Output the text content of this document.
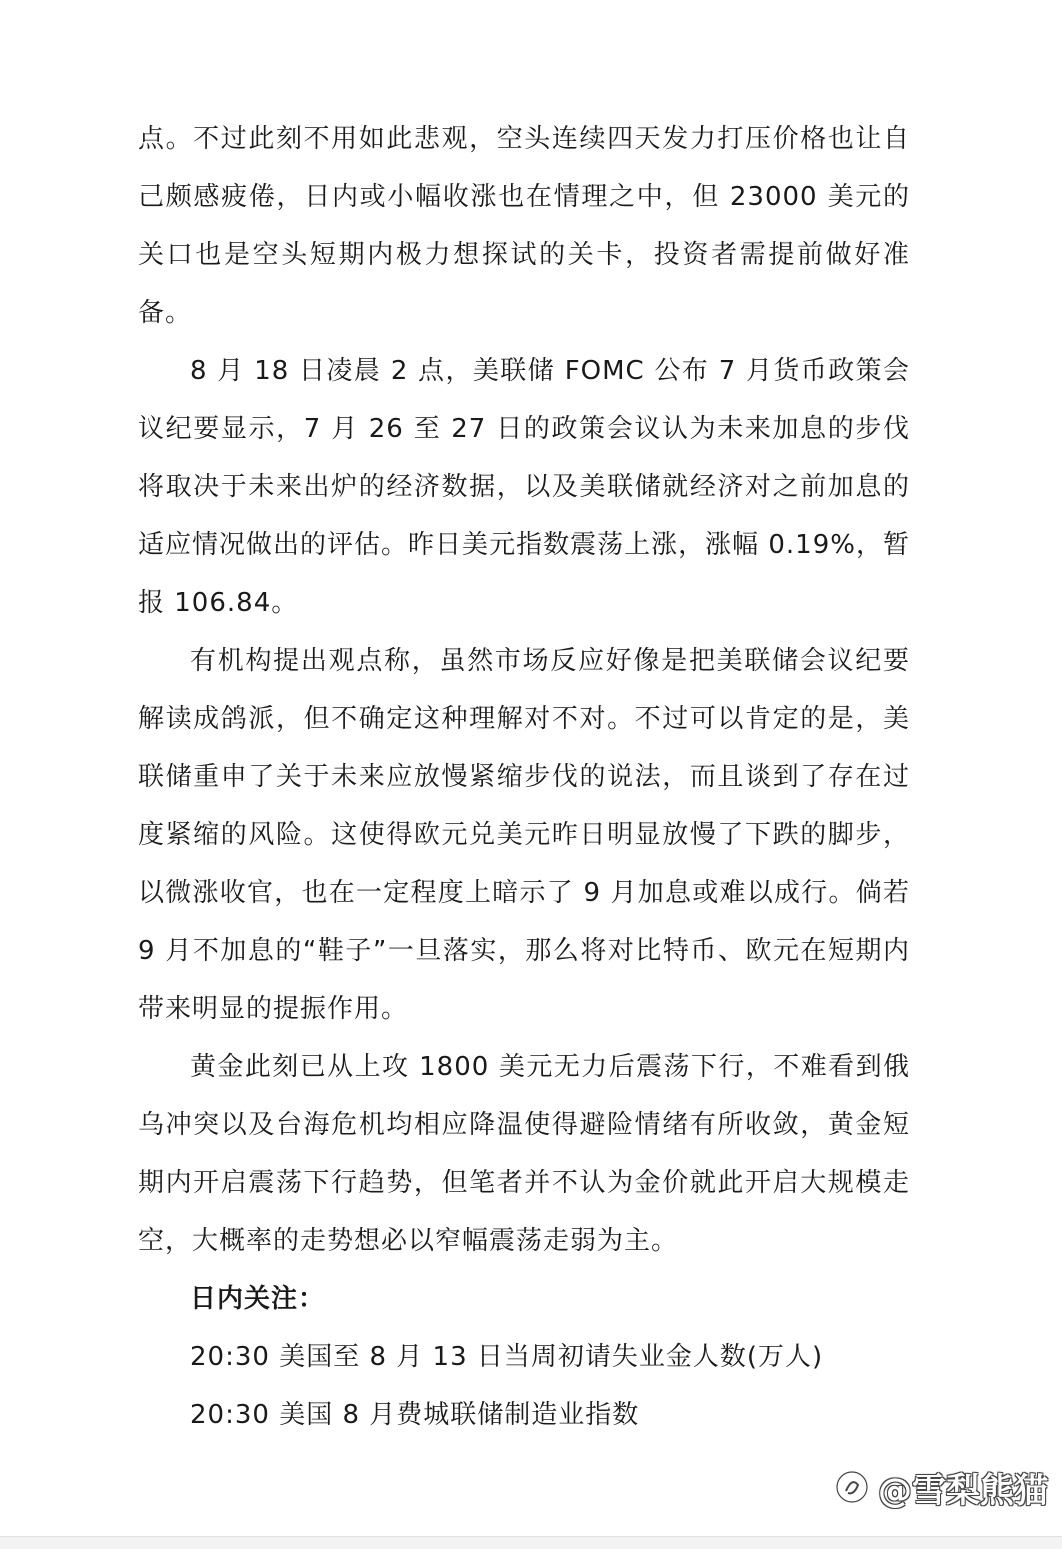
点。不过此刻不用如此悲观，空头连续四天发力打压价格也让自己颇感疲倦，日内或小幅收涨也在情理之中，但 23000 美元的关口也是空头短期内极力想探试的关卡，投资者需提前做好准备。

8 月 18 日凌晨 2 点，美联储 FOMC 公布 7 月货币政策会议纪要显示，7 月 26 至 27 日的政策会议认为未来加息的步伐将取决于未来出炉的经济数据，以及美联储就经济对之前加息的适应情况做出的评估。昨日美元指数震荡上涨，涨幅 0.19%，暂报 106.84。

有机构提出观点称，虽然市场反应好像是把美联储会议纪要解读成鸽派，但不确定这种理解对不对。不过可以肯定的是，美联储重申了关于未来应放慢紧缩步伐的说法，而且谈到了存在过度紧缩的风险。这使得欧元兑美元昨日明显放慢了下跌的脚步，以微涨收官，也在一定程度上暗示了 9 月加息或难以成行。倘若 9 月不加息的“鞋子”一旦落实，那么将对比特币、欧元在短期内带来明显的提振作用。

黄金此刻已从上攻 1800 美元无力后震荡下行，不难看到俄乌冲突以及台海危机均相应降温使得避险情绪有所收敛，黄金短期内开启震荡下行趋势，但笔者并不认为金价就此开启大规模走空，大概率的走势想必以窄幅震荡走弱为主。

日内关注：

20:30 美国至 8 月 13 日当周初请失业金人数(万人)

20:30 美国 8 月费城联储制造业指数

@雪梨熊猫
